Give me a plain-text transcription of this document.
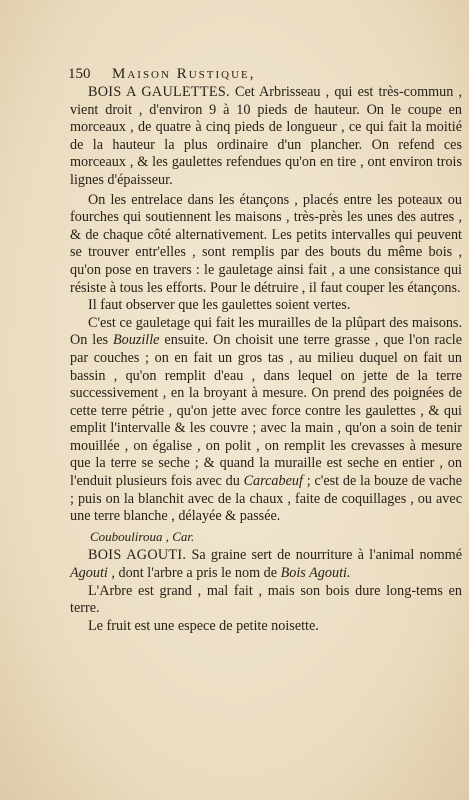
150	Maison Rustique,

BOIS A GAULETTES. Cet Arbrisseau , qui est très-commun , vient droit , d'environ 9 à 10 pieds de hauteur. On le coupe en morceaux , de quatre à cinq pieds de longueur , ce qui fait la moitié de la hauteur la plus ordinaire d'un plancher. On refend ces morceaux , & les gaulettes refendues qu'on en tire , ont environ trois lignes d'épaisseur.

On les entrelace dans les étançons , placés entre les poteaux ou fourches qui soutiennent les maisons , très-près les unes des autres , & de chaque côté alternativement. Les petits intervalles qui peuvent se trouver entr'elles , sont remplis par des bouts du même bois , qu'on pose en travers : le gauletage ainsi fait , a une consistance qui résiste à tous les efforts. Pour le détruire , il faut couper les étançons.

Il faut observer que les gaulettes soient vertes.

C'est ce gauletage qui fait les murailles de la plûpart des maisons. On les Bouzille ensuite. On choisit une terre grasse , que l'on racle par couches ; on en fait un gros tas , au milieu duquel on fait un bassin , qu'on remplit d'eau , dans lequel on jette de la terre successivement , en la broyant à mesure. On prend des poignées de cette terre pétrie , qu'on jette avec force contre les gaulettes , & qui emplit l'intervalle & les couvre ; avec la main , qu'on a soin de tenir mouillée , on égalise , on polit , on remplit les crevasses à mesure que la terre se seche ; & quand la muraille est seche en entier , on l'enduit plusieurs fois avec du Carcabeuf ; c'est de la bouze de vache ; puis on la blanchit avec de la chaux , faite de coquillages , ou avec une terre blanche , délayée & passée.

Coubouliroua , Car.

BOIS AGOUTI. Sa graine sert de nourriture à l'animal nommé Agouti , dont l'arbre a pris le nom de Bois Agouti.

L'Arbre est grand , mal fait , mais son bois dure long-tems en terre.

Le fruit est une espece de petite noisette.
